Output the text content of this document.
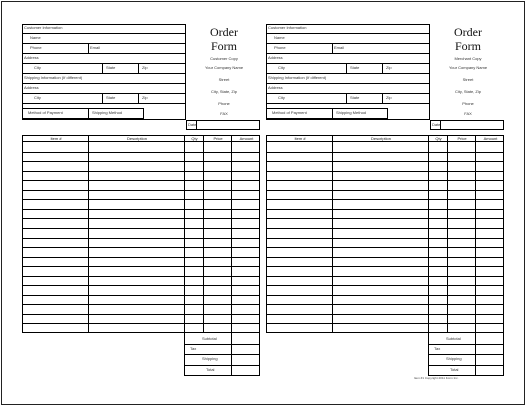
Customer Information
Name
Phone	Email
Address
City	State	Zip
Shipping Information (If different)
Address
City	State	Zip
Method of Payment	Shipping Method
Order
Form
Customer Copy
Your Company Name
Street
City, State, Zip
Phone
FAX
Date
Item #	Description	Qty	Price	Amount
Subtotal
Tax
Shipping
Total
Customer Information
Name
Phone	Email
Address
City	State	Zip
Shipping Information (If different)
Address
City	State	Zip
Method of Payment	Shipping Method
Order
Form
Merchant Copy
Your Company Name
Street
City, State, Zip
Phone
FAX
Date
Item #	Description	Qty	Price	Amount
Subtotal
Tax
Shipping
Total
Item #1 Copyright 2011 Form Inc.
